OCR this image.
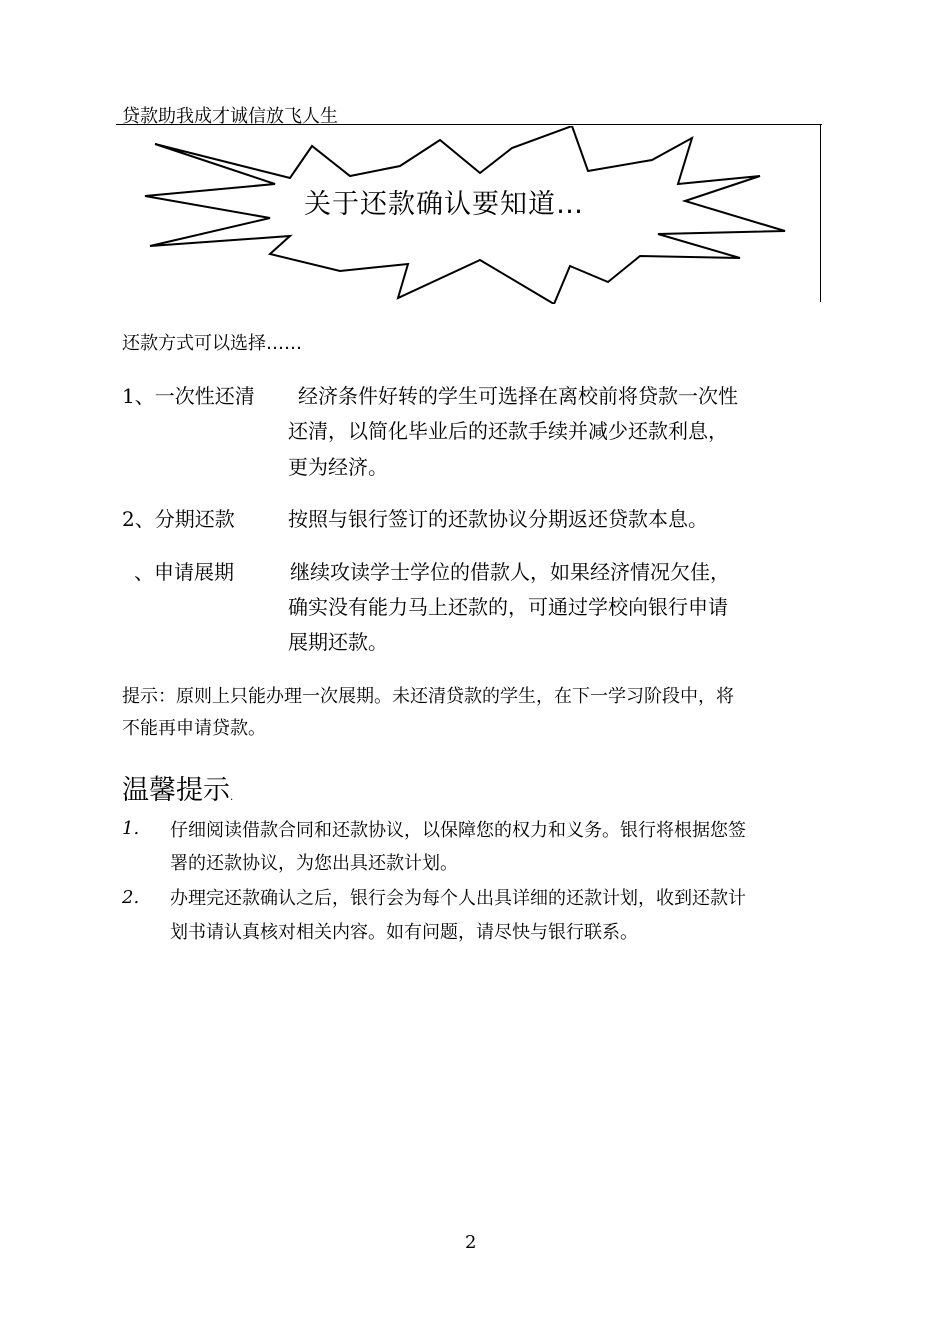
贷款助我成才诚信放飞人生
关于还款确认要知道…
还款方式可以选择……
1、一次性还清 经济条件好转的学生可选择在离校前将贷款一次性
还清，以简化毕业后的还款手续并减少还款利息，
更为经济。
2、分期还款	按照与银行签订的还款协议分期返还贷款本息。
、申请展期	继续攻读学士学位的借款人，如果经济情况欠佳，
确实没有能力马上还款的，可通过学校向银行申请
展期还款。
提示：原则上只能办理一次展期。未还清贷款的学生，在下一学习阶段中，将
不能再申请贷款。
温馨提示 .
1. 仔细阅读借款合同和还款协议，以保障您的权力和义务。银行将根据您签
署的还款协议，为您出具还款计划。
2. 办理完还款确认之后，银行会为每个人出具详细的还款计划，收到还款计
划书请认真核对相关内容。如有问题，请尽快与银行联系。
2
